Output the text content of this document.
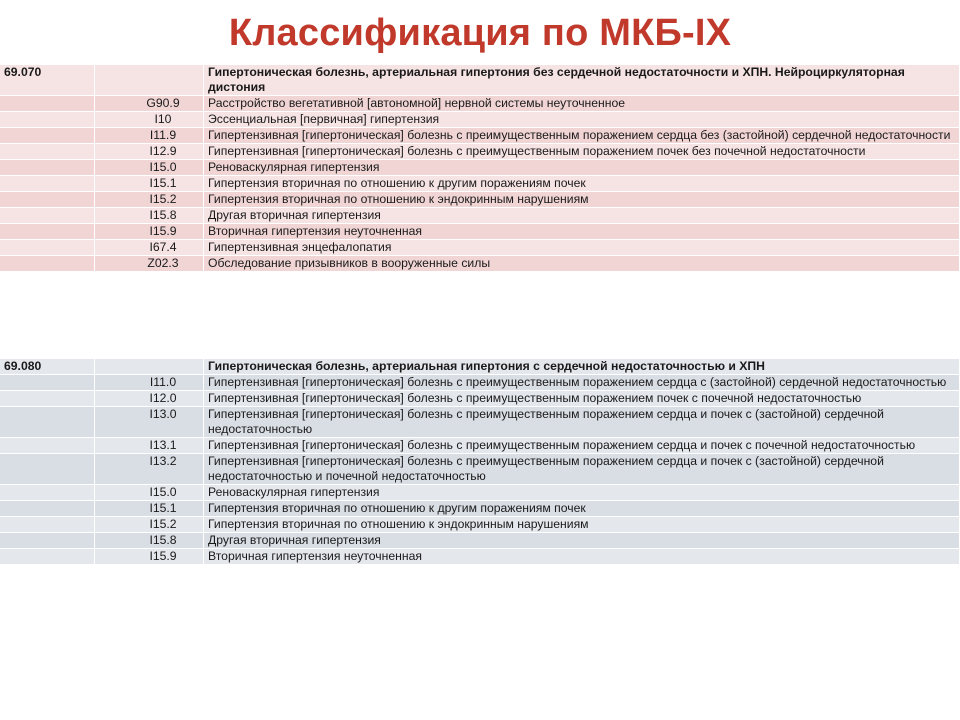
Классификация по МКБ-IX
69.070		Гипертоническая болезнь, артериальная гипертония без сердечной недостаточности и ХПН. Нейроциркуляторная дистония
	G90.9	Расстройство вегетативной [автономной] нервной системы неуточненное
	I10	Эссенциальная [первичная] гипертензия
	I11.9	Гипертензивная [гипертоническая] болезнь с преимущественным поражением сердца без (застойной) сердечной недостаточности
	I12.9	Гипертензивная [гипертоническая] болезнь с преимущественным поражением почек без почечной недостаточности
	I15.0	Реноваскулярная гипертензия
	I15.1	Гипертензия вторичная по отношению к другим поражениям почек
	I15.2	Гипертензия вторичная по отношению к эндокринным нарушениям
	I15.8	Другая вторичная гипертензия
	I15.9	Вторичная гипертензия неуточненная
	I67.4	Гипертензивная энцефалопатия
	Z02.3	Обследование призывников в вооруженные силы
69.080		Гипертоническая болезнь, артериальная гипертония с сердечной недостаточностью и ХПН
	I11.0	Гипертензивная [гипертоническая] болезнь с преимущественным поражением сердца с (застойной) сердечной недостаточностью
	I12.0	Гипертензивная [гипертоническая] болезнь с преимущественным поражением почек с почечной недостаточностью
	I13.0	Гипертензивная [гипертоническая] болезнь с преимущественным поражением сердца и почек с (застойной) сердечной недостаточностью
	I13.1	Гипертензивная [гипертоническая] болезнь с преимущественным поражением сердца и почек с почечной недостаточностью
	I13.2	Гипертензивная [гипертоническая] болезнь с преимущественным поражением сердца и почек с (застойной) сердечной недостаточностью и почечной недостаточностью
	I15.0	Реноваскулярная гипертензия
	I15.1	Гипертензия вторичная по отношению к другим поражениям почек
	I15.2	Гипертензия вторичная по отношению к эндокринным нарушениям
	I15.8	Другая вторичная гипертензия
	I15.9	Вторичная гипертензия неуточненная
